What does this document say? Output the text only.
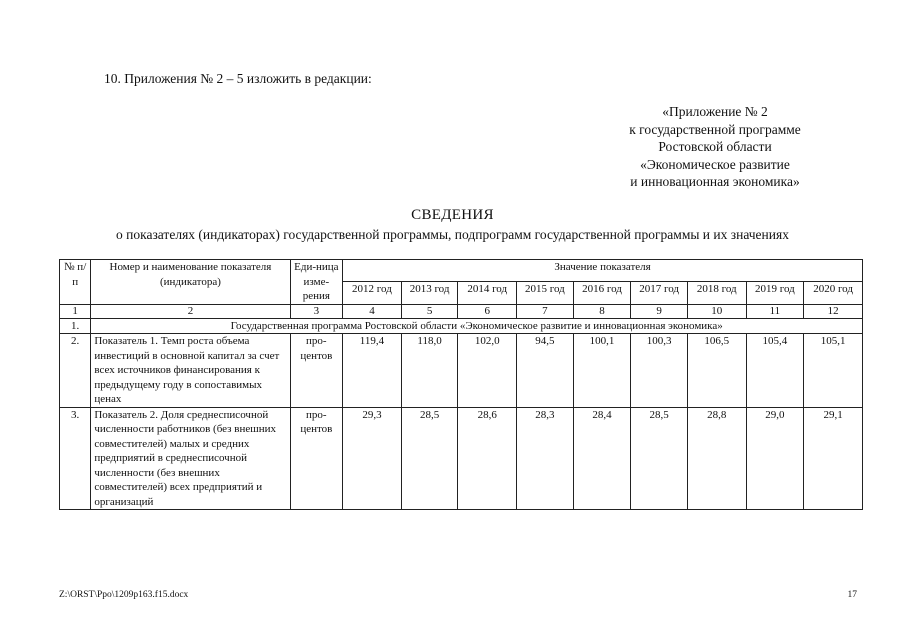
10. Приложения № 2 – 5 изложить в редакции:
«Приложение № 2
к государственной программе
Ростовской области
«Экономическое развитие
и инновационная экономика»
СВЕДЕНИЯ
о показателях (индикаторах) государственной программы, подпрограмм государственной программы и их значениях
№ п/п	Номер и наименование показателя (индикатора)	Еди-ница изме-рения	Значение показателя								
			2012 год	2013 год	2014 год	2015 год	2016 год	2017 год	2018 год	2019 год	2020 год
1	2	3	4	5	6	7	8	9	10	11	12
1.	Государственная программа Ростовской области «Экономическое развитие и инновационная экономика»										
2.	Показатель 1. Темп роста объема инвестиций в основной капитал за счет всех источников финансирования к предыдущему году в сопоставимых ценах	про-центов	119,4	118,0	102,0	94,5	100,1	100,3	106,5	105,4	105,1
3.	Показатель 2. Доля среднесписочной численности работников (без внешних совместителей) малых и средних предприятий в среднесписочной численности (без внешних совместителей) всех предприятий и организаций	про-центов	29,3	28,5	28,6	28,3	28,4	28,5	28,8	29,0	29,1
Z:\ORST\Ppo\1209p163.f15.docx	17
